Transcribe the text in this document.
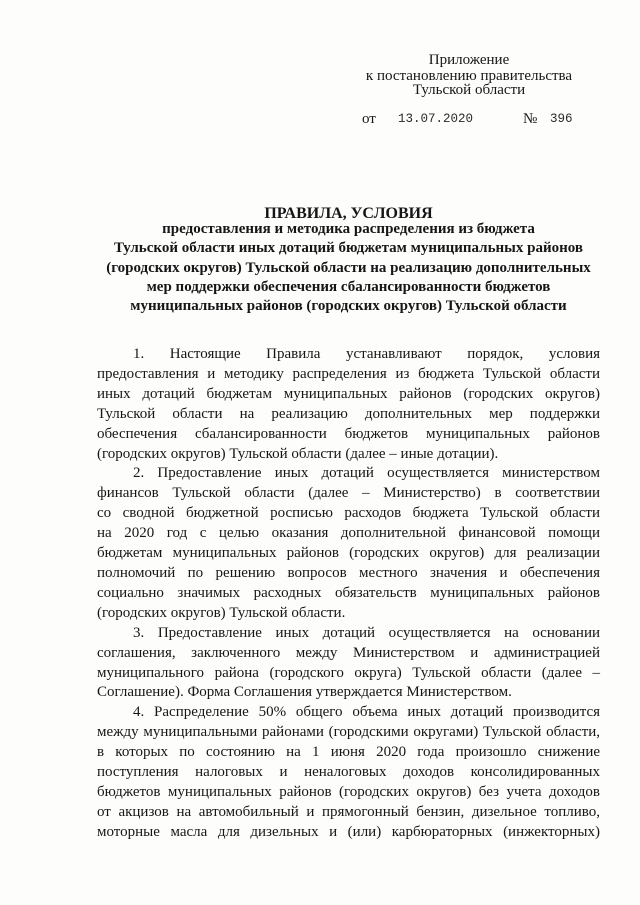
Приложение
к постановлению правительства
Тульской области
от 13.07.2020	№ 396
ПРАВИЛА, УСЛОВИЯ
предоставления и методика распределения из бюджета
Тульской области иных дотаций бюджетам муниципальных районов
(городских округов) Тульской области на реализацию дополнительных
мер поддержки обеспечения сбалансированности бюджетов
муниципальных районов (городских округов) Тульской области
1. Настоящие Правила устанавливают порядок, условия
предоставления и методику распределения из бюджета Тульской области
иных дотаций бюджетам муниципальных районов (городских округов)
Тульской области на реализацию дополнительных мер поддержки
обеспечения сбалансированности бюджетов муниципальных районов
(городских округов) Тульской области (далее – иные дотации).
2. Предоставление иных дотаций осуществляется министерством
финансов Тульской области (далее – Министерство) в соответствии
со сводной бюджетной росписью расходов бюджета Тульской области
на 2020 год с целью оказания дополнительной финансовой помощи
бюджетам муниципальных районов (городских округов) для реализации
полномочий по решению вопросов местного значения и обеспечения
социально значимых расходных обязательств муниципальных районов
(городских округов) Тульской области.
3. Предоставление иных дотаций осуществляется на основании
соглашения, заключенного между Министерством и администрацией
муниципального района (городского округа) Тульской области (далее –
Соглашение). Форма Соглашения утверждается Министерством.
4. Распределение 50% общего объема иных дотаций производится
между муниципальными районами (городскими округами) Тульской области,
в которых по состоянию на 1 июня 2020 года произошло снижение
поступления налоговых и неналоговых доходов консолидированных
бюджетов муниципальных районов (городских округов) без учета доходов
от акцизов на автомобильный и прямогонный бензин, дизельное топливо,
моторные масла для дизельных и (или) карбюраторных (инжекторных)
